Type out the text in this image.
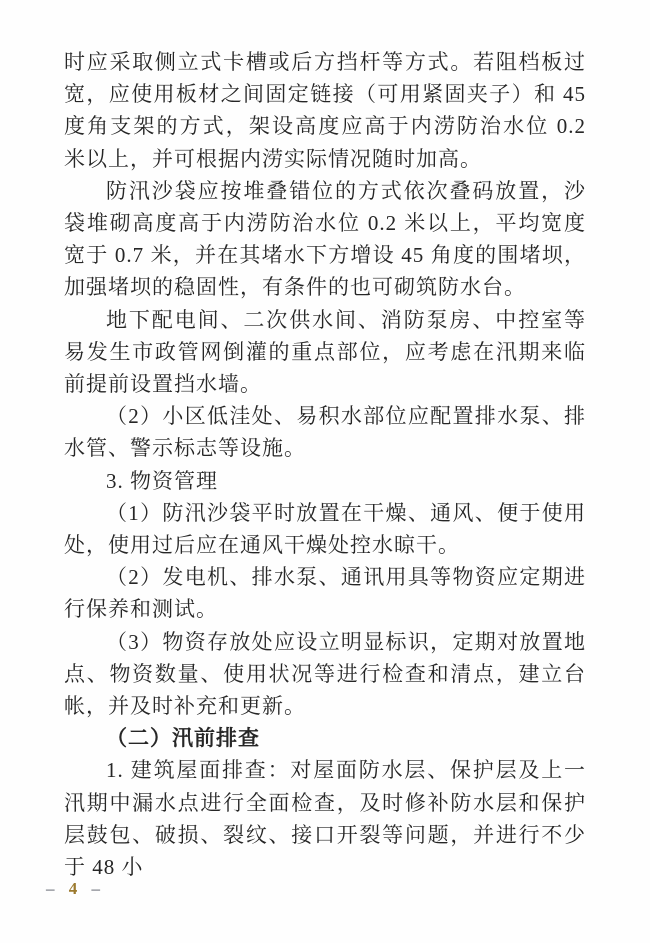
时应采取侧立式卡槽或后方挡杆等方式。若阻档板过宽，应使用板材之间固定链接（可用紧固夹子）和 45 度角支架的方式，架设高度应高于内涝防治水位 0.2 米以上，并可根据内涝实际情况随时加高。

防汛沙袋应按堆叠错位的方式依次叠码放置，沙袋堆砌高度高于内涝防治水位 0.2 米以上，平均宽度宽于 0.7 米，并在其堵水下方增设 45 角度的围堵坝，加强堵坝的稳固性，有条件的也可砌筑防水台。

地下配电间、二次供水间、消防泵房、中控室等易发生市政管网倒灌的重点部位，应考虑在汛期来临前提前设置挡水墙。

（2）小区低洼处、易积水部位应配置排水泵、排水管、警示标志等设施。

3. 物资管理

（1）防汛沙袋平时放置在干燥、通风、便于使用处，使用过后应在通风干燥处控水晾干。

（2）发电机、排水泵、通讯用具等物资应定期进行保养和测试。

（3）物资存放处应设立明显标识，定期对放置地点、物资数量、使用状况等进行检查和清点，建立台帐，并及时补充和更新。

（二）汛前排查

1. 建筑屋面排查：对屋面防水层、保护层及上一汛期中漏水点进行全面检查，及时修补防水层和保护层鼓包、破损、裂纹、接口开裂等问题，并进行不少于 48 小

– 4 –
